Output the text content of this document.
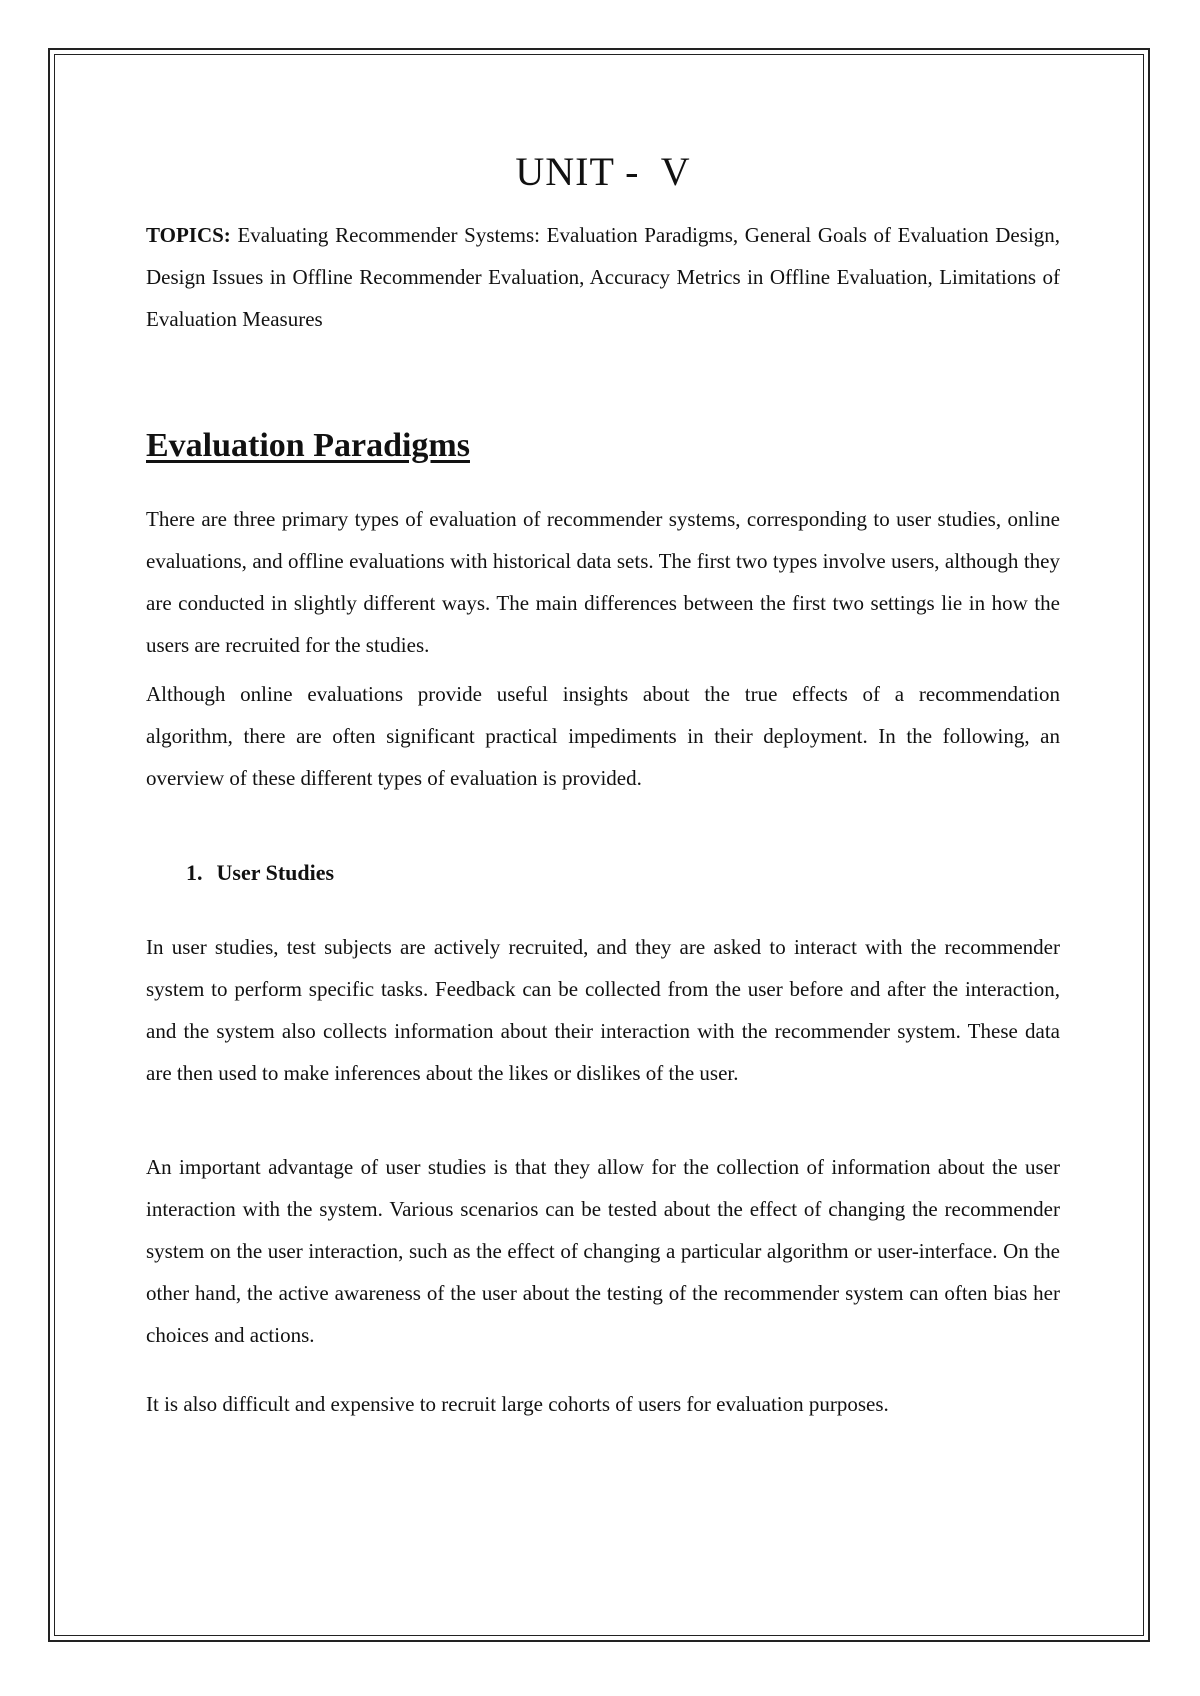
UNIT -  V

TOPICS: Evaluating Recommender Systems: Evaluation Paradigms, General Goals of Evaluation Design, Design Issues in Offline Recommender Evaluation, Accuracy Metrics in Offline Evaluation, Limitations of Evaluation Measures

Evaluation Paradigms

There are three primary types of evaluation of recommender systems, corresponding to user studies, online evaluations, and offline evaluations with historical data sets. The first two types involve users, although they are conducted in slightly different ways. The main differences between the first two settings lie in how the users are recruited for the studies.

Although online evaluations provide useful insights about the true effects of a recommendation
algorithm, there are often significant practical impediments in their deployment. In the following, an overview of these different types of evaluation is provided.

1. User Studies

In user studies, test subjects are actively recruited, and they are asked to interact with the recommender system to perform specific tasks. Feedback can be collected from the user before and after the interaction, and the system also collects information about their interaction with the recommender system. These data are then used to make inferences about the likes or dislikes of the user.

An important advantage of user studies is that they allow for the collection of information about the user interaction with the system. Various scenarios can be tested about the effect of changing the recommender system on the user interaction, such as the effect of changing a particular algorithm or user-interface. On the other hand, the active awareness of the user about the testing of the recommender system can often bias her choices and actions.

It is also difficult and expensive to recruit large cohorts of users for evaluation purposes.
